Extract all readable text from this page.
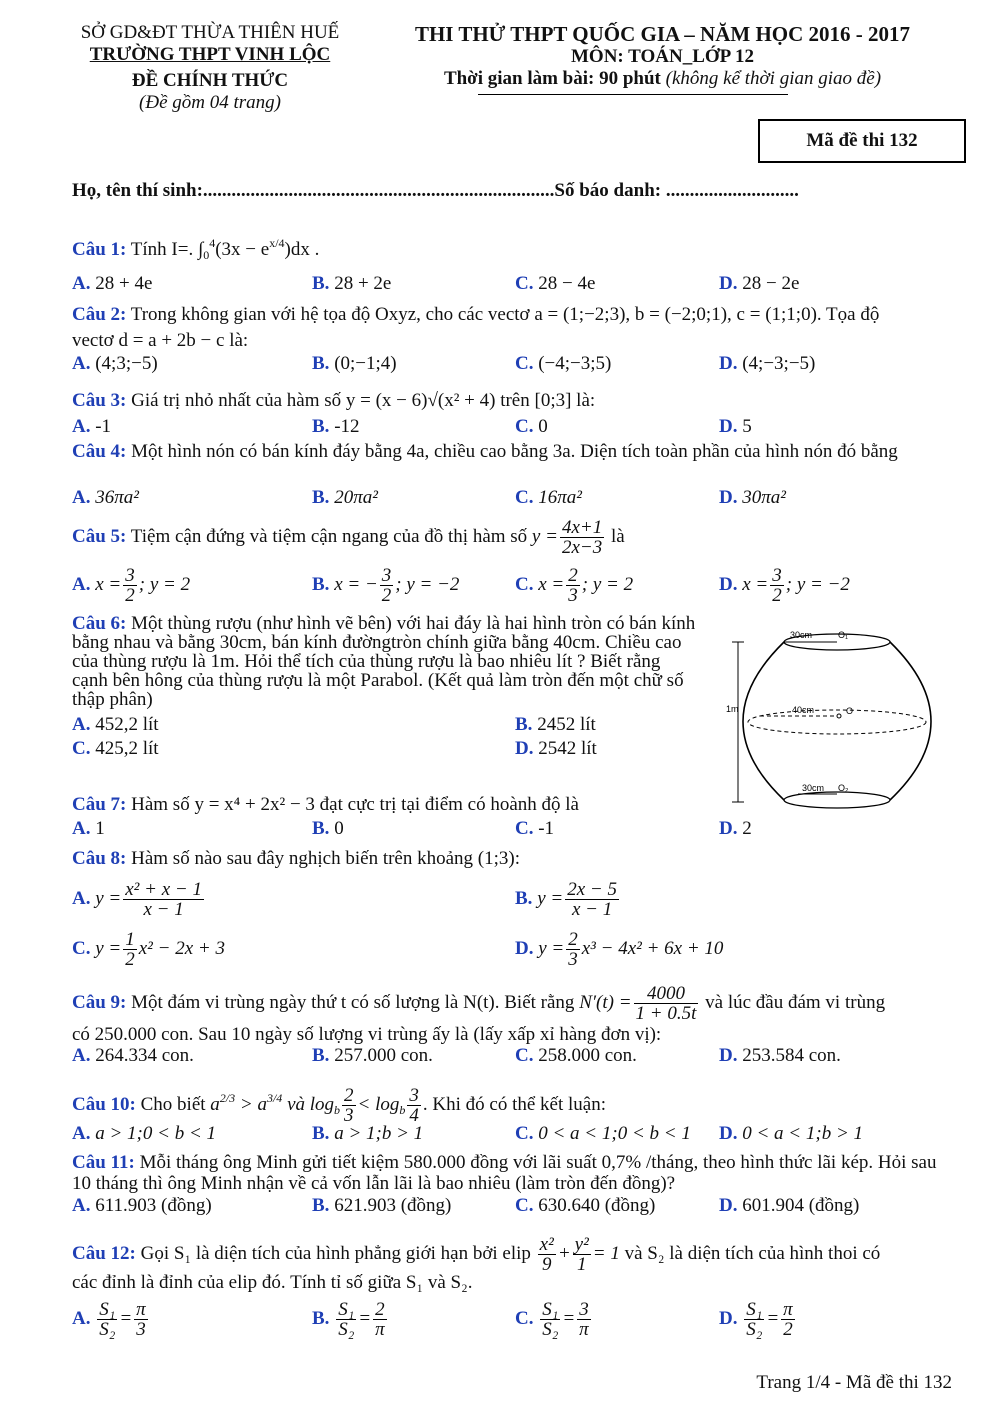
SỞ GD&ĐT THỪA THIÊN HUẾ
TRƯỜNG THPT VINH LỘC
ĐỀ CHÍNH THỨC
(Đề gồm 04 trang)
THI THỬ THPT QUỐC GIA – NĂM HỌC 2016 - 2017
MÔN: TOÁN_LỚP 12
Thời gian làm bài: 90 phút (không kể thời gian giao đề)
Mã đề thi 132
Họ, tên thí sinh:..........................................................................Số báo danh: ............................
Câu 1: Tính I=. $\int_0^4(3x - e^{x/4})dx$ .
A. 28 + 4e	B. 28 + 2e	C. 28 − 4e	D. 28 − 2e
Câu 2: Trong không gian với hệ tọa độ Oxyz, cho các vectơ a = (1;−2;3), b = (−2;0;1), c = (1;1;0). Tọa độ
vectơ d = a + 2b − c là:
A. (4;3;−5)	B. (0;−1;4)	C. (−4;−3;5)	D. (4;−3;−5)
Câu 3: Giá trị nhỏ nhất của hàm số y = (x − 6)√(x² + 4) trên [0;3] là:
A. -1	B. -12	C. 0	D. 5
Câu 4: Một hình nón có bán kính đáy bằng 4a, chiều cao bằng 3a. Diện tích toàn phần của hình nón đó bằng
A. 36πa²	B. 20πa²	C. 16πa²	D. 30πa²
Câu 5: Tiệm cận đứng và tiệm cận ngang của đồ thị hàm số $y = \frac{4x+1}{2x-3}$ là
A. $x = \frac{3}{2}$ ; y = 2	B. x = − $\frac{3}{2}$ ; y = −2	C. $x = \frac{2}{3}$ ; y = 2	D. $x = \frac{3}{2}$ ; y = −2
Câu 6: Một thùng rượu (như hình vẽ bên) với hai đáy là hai hình tròn có bán kính bằng nhau và bằng 30cm, bán kính đườngtròn chính giữa bằng 40cm. Chiều cao của thùng rượu là 1m. Hỏi thể tích của thùng rượu là bao nhiêu lít ? Biết rằng cạnh bên hông của thùng rượu là một Parabol. (Kết quả làm tròn đến một chữ số thập phân)
A. 452,2 lít	B. 2452 lít
C. 425,2 lít	D. 2542 lít
1m
30cm	O₁
40cm	O
30cm O₂
Câu 7: Hàm số y = x⁴ + 2x² − 3 đạt cực trị tại điểm có hoành độ là
A. 1	B. 0	C. -1	D. 2
Câu 8: Hàm số nào sau đây nghịch biến trên khoảng (1;3):
A. $y = \frac{\text{x² + x − 1}}{x - 1}$	B. $y = \frac{2x - 5}{x - 1}$
C. $y = \frac{1}{2} x^2 - 2x + 3$	D. $y = \frac{2}{3} x^3 - 4x^2 + 6x + 10$
Câu 9: Một đám vi trùng ngày thứ t có số lượng là N(t). Biết rằng $N'(t) = \frac{4000}{1 + 0.5t}$ và lúc đầu đám vi trùng
có 250.000 con. Sau 10 ngày số lượng vi trùng ấy là (lấy xấp xỉ hàng đơn vị):
A. 264.334 con.	B. 257.000 con.	C. 258.000 con.	D. 253.584 con.
Câu 10: Cho biết $a^{2/3} > a^{3/4}$ và $\log_b \frac{2}{3} < \log_b \frac{3}{4}$ . Khi đó có thể kết luận:
A. a > 1;0 < b < 1	B. a > 1;b > 1	C. 0 < a < 1;0 < b < 1 D. 0 < a < 1;b > 1
Câu 11: Mỗi tháng ông Minh gửi tiết kiệm 580.000 đồng với lãi suất 0,7% /tháng, theo hình thức lãi kép. Hỏi sau 10 tháng thì ông Minh nhận về cả vốn lẫn lãi là bao nhiêu (làm tròn đến đồng)?
A. 611.903 (đồng)	B. 621.903 (đồng)	C. 630.640 (đồng)	D. 601.904 (đồng)
Câu 12: Gọi S₁ là diện tích của hình phẳng giới hạn bởi elip $\frac{\text{x²}}{9} + \frac{\text{y²}}{1} = 1$ và S₂ là diện tích của hình thoi có
các đỉnh là đỉnh của elip đó. Tính tỉ số giữa S₁ và S₂.
A. $\frac{\text{S₁}}{\text{S₂}} = \frac{\pi}{3}$	B. $\frac{\text{S₁}}{\text{S₂}} = \frac{2}{\pi}$	C. $\frac{\text{S₁}}{\text{S₂}} = \frac{3}{\pi}$	D. $\frac{\text{S₁}}{\text{S₂}} = \frac{\pi}{2}$
Trang 1/4 - Mã đề thi 132
